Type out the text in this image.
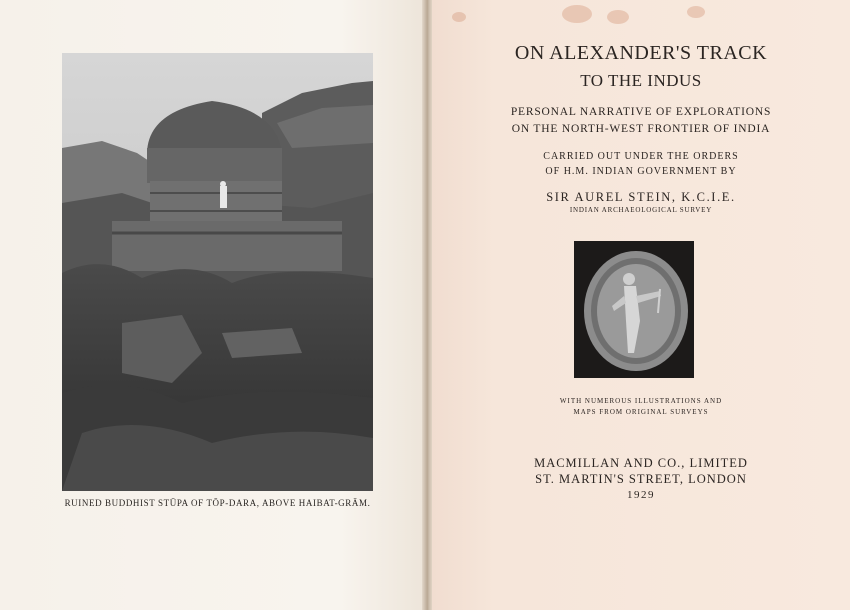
RUINED BUDDHIST STŪPA OF TŌP-DARA, ABOVE HAIBAT-GRĀM.
ON ALEXANDER'S TRACK
TO THE INDUS
PERSONAL NARRATIVE OF EXPLORATIONS
ON THE NORTH-WEST FRONTIER OF INDIA
CARRIED OUT UNDER THE ORDERS
OF H.M. INDIAN GOVERNMENT BY
SIR AUREL STEIN, K.C.I.E.
INDIAN ARCHAEOLOGICAL SURVEY
WITH NUMEROUS ILLUSTRATIONS AND
MAPS FROM ORIGINAL SURVEYS
MACMILLAN AND CO., LIMITED
ST. MARTIN'S STREET, LONDON
1929
